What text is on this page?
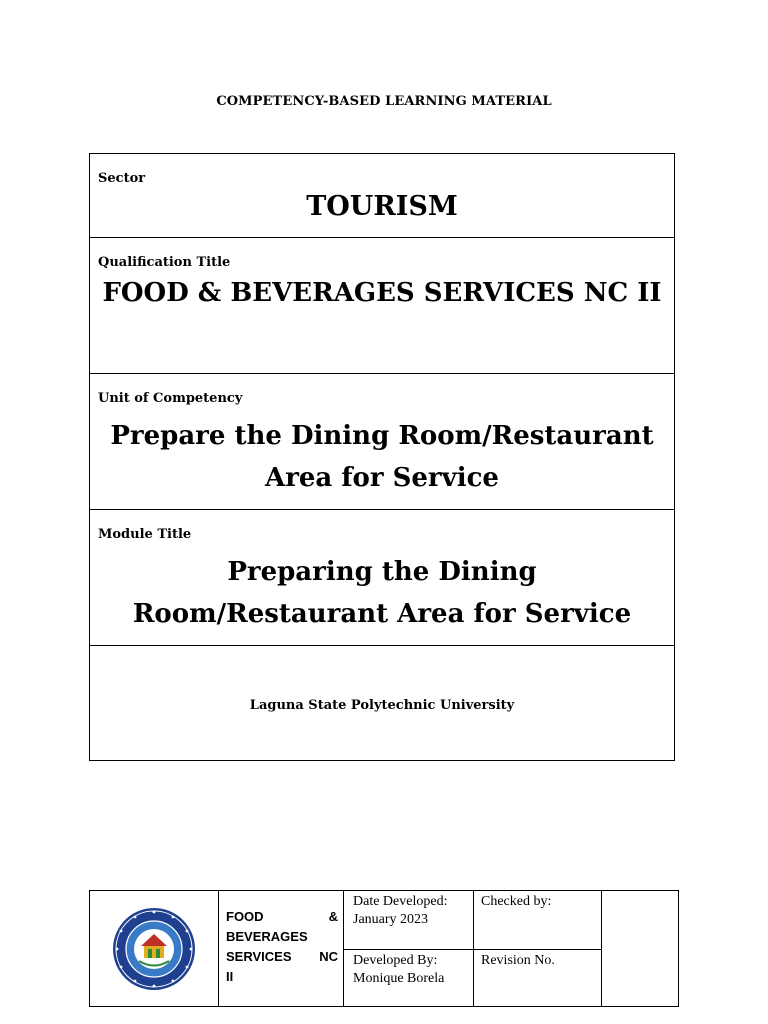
COMPETENCY-BASED LEARNING MATERIAL
Sector
TOURISM
Qualification Title
FOOD & BEVERAGES SERVICES NC II
Unit of Competency
Prepare the Dining Room/Restaurant Area for Service
Module Title
Preparing the Dining Room/Restaurant Area for Service
Laguna State Polytechnic University
FOOD &
BEVERAGES
SERVICES NC
II
Date Developed:
January 2023
Checked by:
Developed By:
Monique Borela
Revision No.
